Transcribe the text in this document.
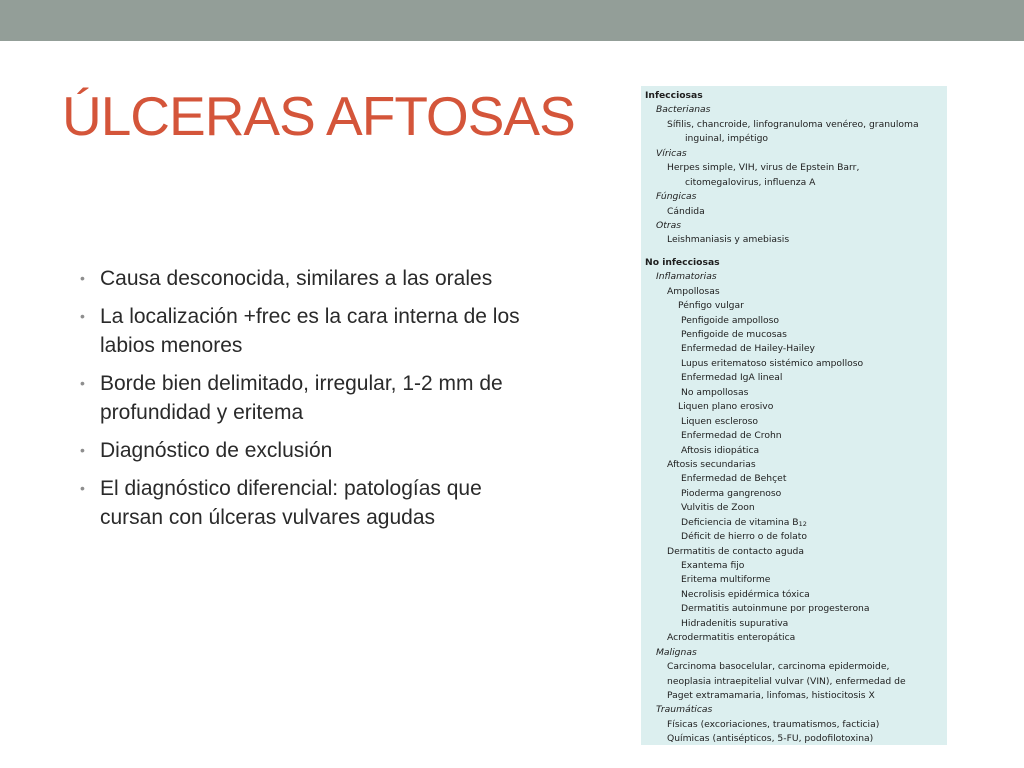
ÚLCERAS AFTOSAS
• Causa desconocida, similares a las orales
• La localización +frec es la cara interna de los labios menores
• Borde bien delimitado, irregular, 1-2 mm de profundidad y eritema
• Diagnóstico de exclusión
• El diagnóstico diferencial: patologías que cursan con úlceras vulvares agudas
Infecciosas
Bacterianas
Sífilis, chancroide, linfogranuloma venéreo, granuloma
inguinal, impétigo
Víricas
Herpes simple, VIH, virus de Epstein Barr,
citomegalovirus, influenza A
Fúngicas
Cándida
Otras
Leishmaniasis y amebiasis
No infecciosas
Inflamatorias
Ampollosas
Pénfigo vulgar
Penfigoide ampolloso
Penfigoide de mucosas
Enfermedad de Hailey-Hailey
Lupus eritematoso sistémico ampolloso
Enfermedad IgA lineal
No ampollosas
Liquen plano erosivo
Liquen escleroso
Enfermedad de Crohn
Aftosis idiopática
Aftosis secundarias
Enfermedad de Behçet
Pioderma gangrenoso
Vulvitis de Zoon
Deficiencia de vitamina $B_{12}$
Déficit de hierro o de folato
Dermatitis de contacto aguda
Exantema fijo
Eritema multiforme
Necrolisis epidérmica tóxica
Dermatitis autoinmune por progesterona
Hidradenitis supurativa
Acrodermatitis enteropática
Malignas
Carcinoma basocelular, carcinoma epidermoide,
neoplasia intraepitelial vulvar (VIN), enfermedad de
Paget extramamaria, linfomas, histiocitosis X
Traumáticas
Físicas (excoriaciones, traumatismos, facticia)
Químicas (antisépticos, 5-FU, podofilotoxina)
